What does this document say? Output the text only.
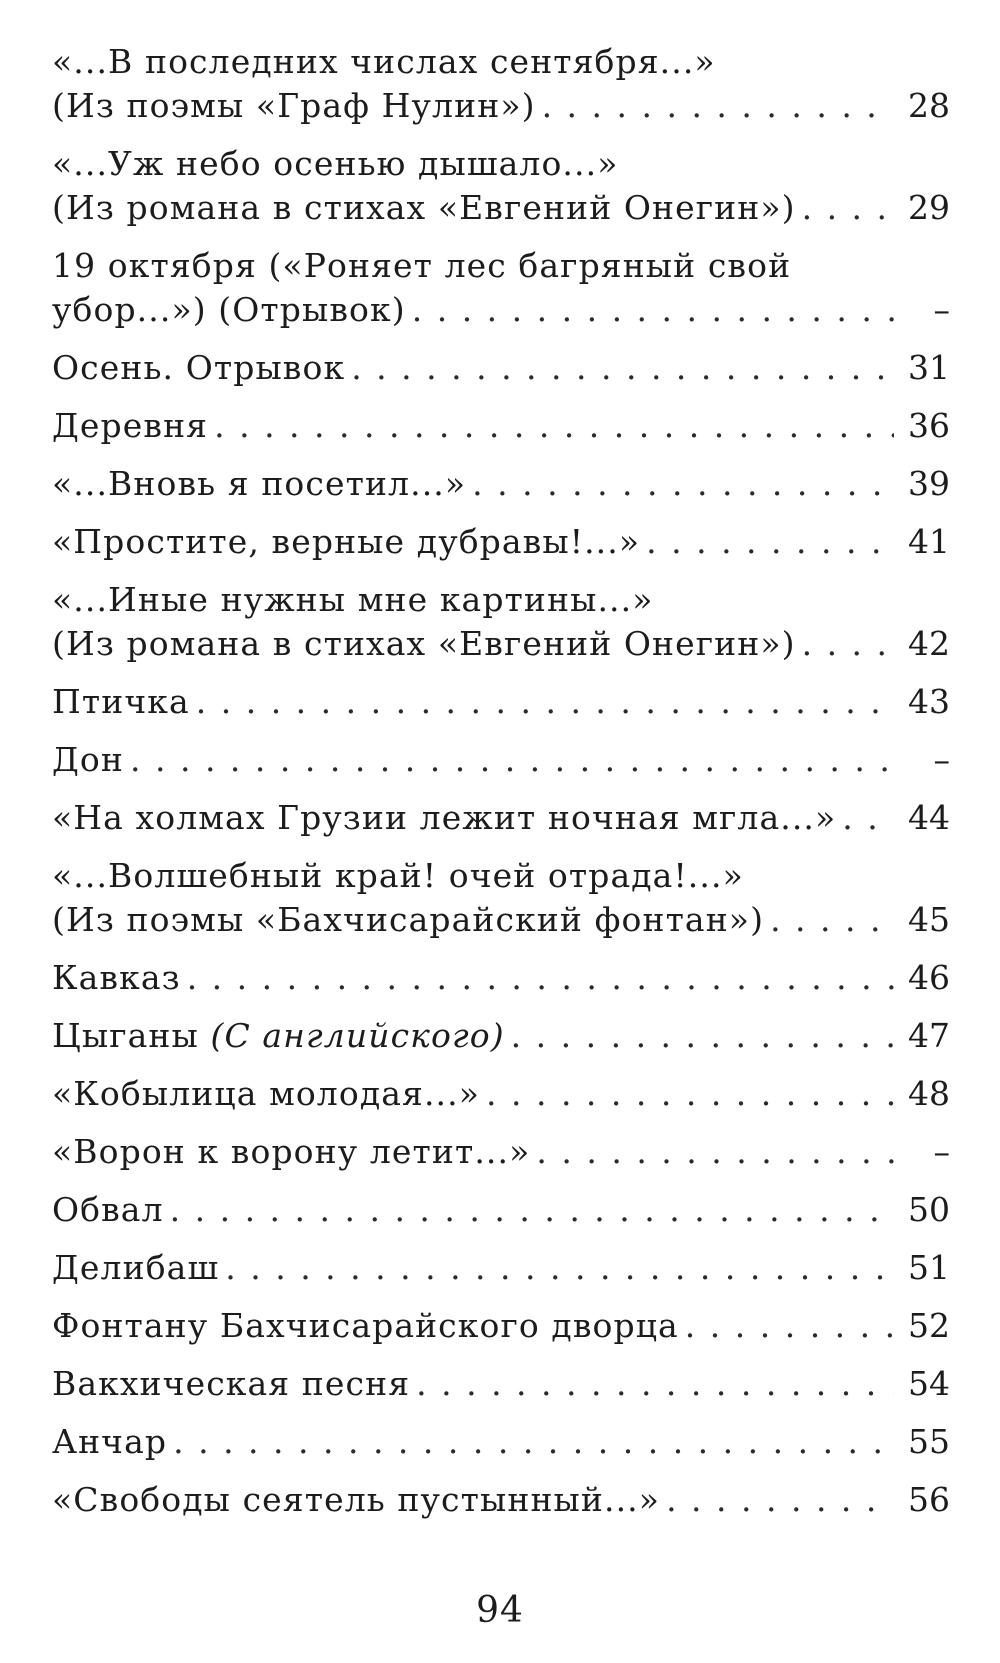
«...В последних числах сентября...»
(Из поэмы «Граф Нулин») . . .	28
«...Уж небо осенью дышало...»
(Из романа в стихах «Евгений Онегин») . . .	29
19 октября («Роняет лес багряный свой
убор...») (Отрывок) . . .	–
Осень. Отрывок . . .	31
Деревня . . .	36
«...Вновь я посетил...» . . .	39
«Простите, верные дубравы!...» . . .	41
«...Иные нужны мне картины...»
(Из романа в стихах «Евгений Онегин») . . .	42
Птичка . . .	43
Дон . . .	–
«На холмах Грузии лежит ночная мгла...» . . . 44
«...Волшебный край! очей отрада!...»
(Из поэмы «Бахчисарайский фонтан») . . .	45
Кавказ . . .	46
Цыганы (С английского) . . .	47
«Кобылица молодая...» . . .	48
«Ворон к ворону летит...» . . .	–
Обвал . . .	50
Делибаш . . .	51
Фонтану Бахчисарайского дворца . . .	52
Вакхическая песня . . .	54
Анчар . . .	55
«Свободы сеятель пустынный...» . . .	56
94
